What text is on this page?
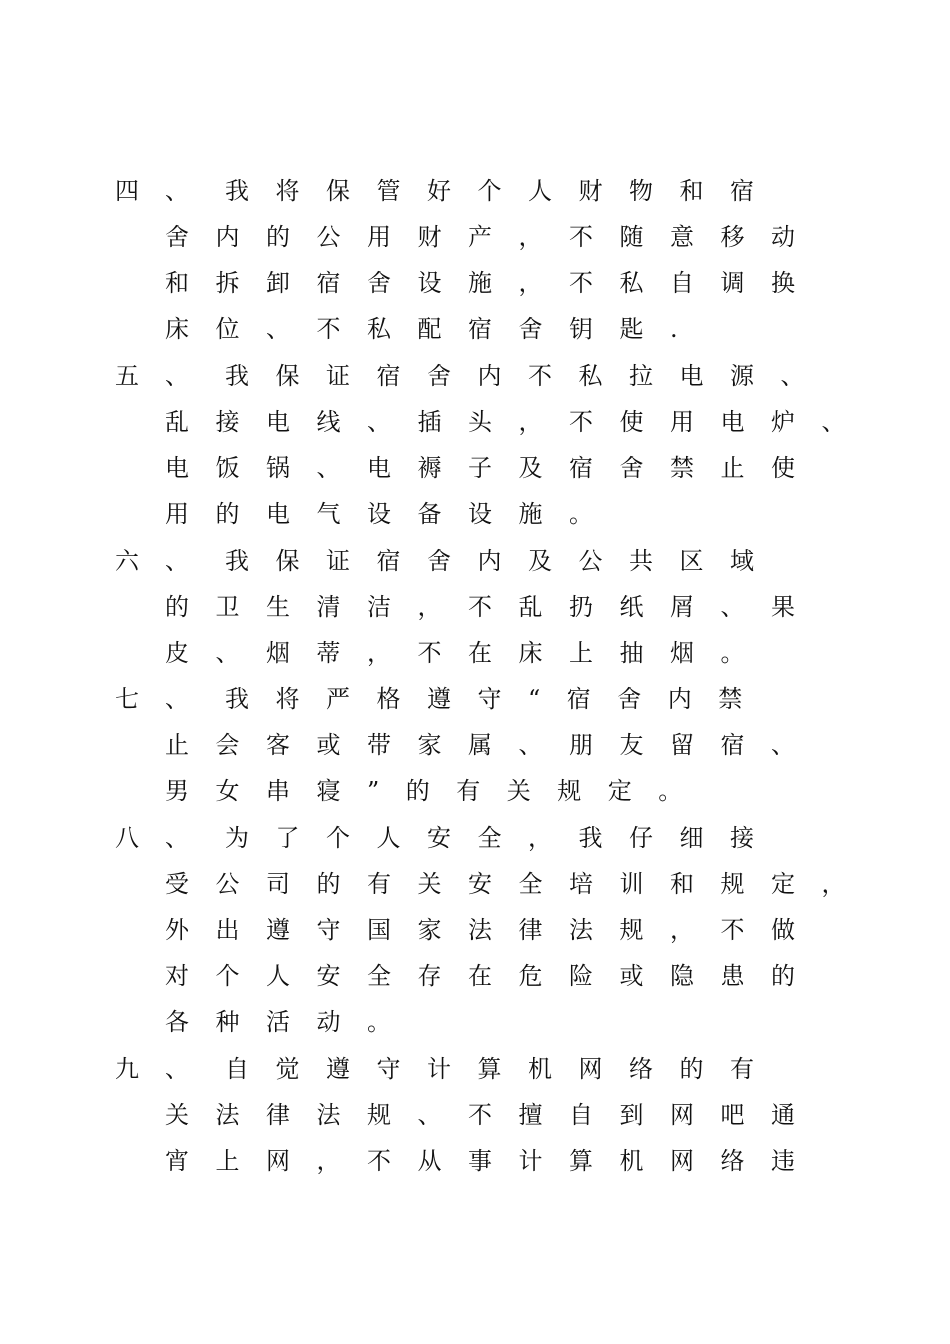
四、 我将保管好个人财物和宿
舍内的公用财产，不随意移动
和拆卸宿舍设施，不私自调换
床位、不私配宿舍钥匙.
五、 我保证宿舍内不私拉电源、
乱接电线、插头，不使用电炉、
电饭锅、电褥子及宿舍禁止使
用的电气设备设施。
六、 我保证宿舍内及公共区域
的卫生清洁，不乱扔纸屑、果
皮、烟蒂，不在床上抽烟。
七、 我将严格遵守“宿舍内禁
止会客或带家属、朋友留宿、
男女串寝”的有关规定。
八、 为了个人安全，我仔细接
受公司的有关安全培训和规定，
外出遵守国家法律法规，不做
对个人安全存在危险或隐患的
各种活动。
九、 自觉遵守计算机网络的有
关法律法规、不擅自到网吧通
宵上网，不从事计算机网络违
